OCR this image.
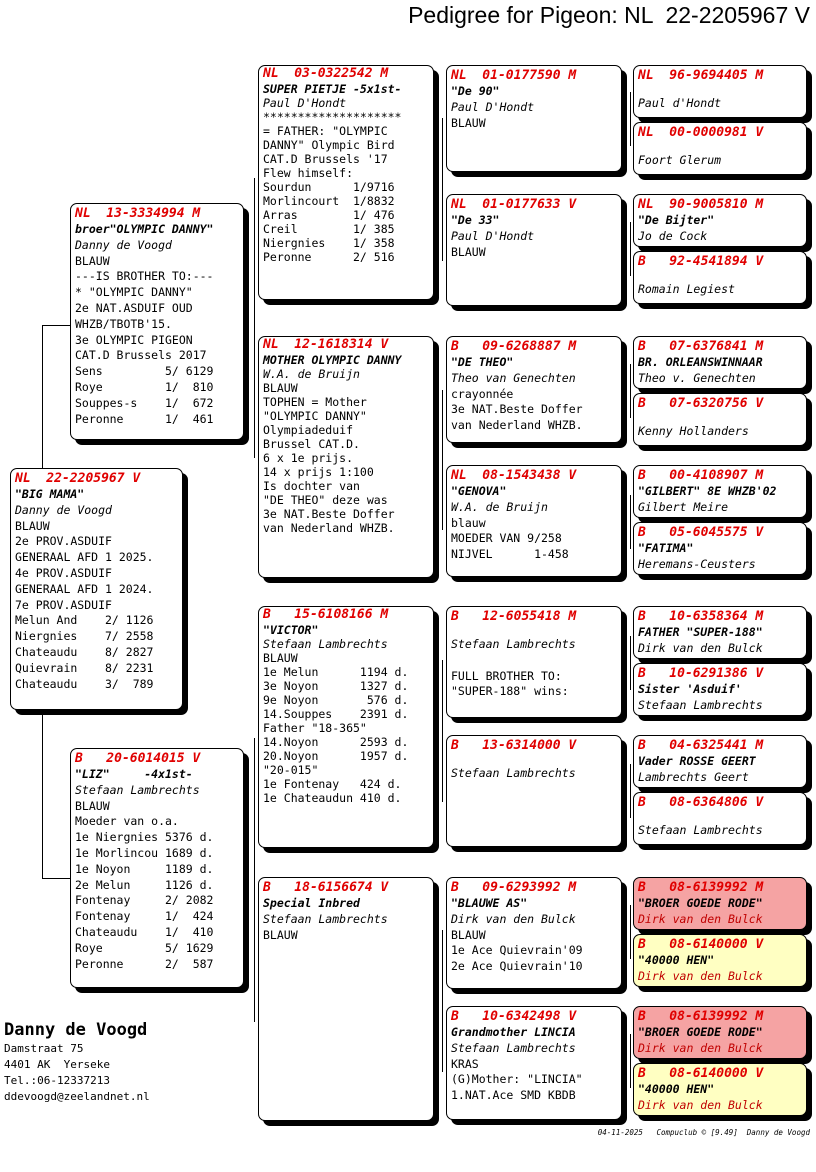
Pedigree for Pigeon: NL  22-2205967 V
NL  22-2205967 V
"BIG MAMA"
Danny de Voogd
BLAUW
2e PROV.ASDUIF
GENERAAL AFD 1 2025.
4e PROV.ASDUIF
GENERAAL AFD 1 2024.
7e PROV.ASDUIF
Melun And    2/ 1126
Niergnies    7/ 2558
Chateaudu    8/ 2827
Quievrain    8/ 2231
Chateaudu    3/  789
NL  13-3334994 M
broer"OLYMPIC DANNY"
Danny de Voogd
BLAUW
---IS BROTHER TO:---
* "OLYMPIC DANNY"
2e NAT.ASDUIF OUD
WHZB/TBOTB'15.
3e OLYMPIC PIGEON
CAT.D Brussels 2017
Sens         5/ 6129
Roye         1/  810
Souppes-s    1/  672
Peronne      1/  461
B   20-6014015 V
"LIZ"     -4x1st-
Stefaan Lambrechts
BLAUW
Moeder van o.a.
1e Niergnies 5376 d.
1e Morlincou 1689 d.
1e Noyon     1189 d.
2e Melun     1126 d.
Fontenay     2/ 2082
Fontenay     1/  424
Chateaudu    1/  410
Roye         5/ 1629
Peronne      2/  587
NL  03-0322542 M
SUPER PIETJE -5x1st-
Paul D'Hondt
********************
= FATHER: "OLYMPIC
DANNY" Olympic Bird
CAT.D Brussels '17
Flew himself:
Sourdun      1/9716
Morlincourt  1/8832
Arras        1/ 476
Creil        1/ 385
Niergnies    1/ 358
Peronne      2/ 516
NL  12-1618314 V
MOTHER OLYMPIC DANNY
W.A. de Bruijn
BLAUW
TOPHEN = Mother
"OLYMPIC DANNY"
Olympiadeduif
Brussel CAT.D.
6 x 1e prijs.
14 x prijs 1:100
Is dochter van
"DE THEO" deze was
3e NAT.Beste Doffer
van Nederland WHZB.
B   15-6108166 M
"VICTOR"
Stefaan Lambrechts
BLAUW
1e Melun      1194 d.
3e Noyon      1327 d.
9e Noyon       576 d.
14.Souppes    2391 d.
Father "18-365"
14.Noyon      2593 d.
20.Noyon      1957 d.
"20-015"
1e Fontenay   424 d.
1e Chateaudun 410 d.
B   18-6156674 V
Special Inbred
Stefaan Lambrechts
BLAUW
NL  01-0177590 M
"De 90"
Paul D'Hondt
BLAUW
NL  01-0177633 V
"De 33"
Paul D'Hondt
BLAUW
B   09-6268887 M
"DE THEO"
Theo van Genechten
crayonnée
3e NAT.Beste Doffer
van Nederland WHZB.
NL  08-1543438 V
"GENOVA"
W.A. de Bruijn
blauw
MOEDER VAN 9/258
NIJVEL      1-458
B   12-6055418 M
Stefaan Lambrechts

FULL BROTHER TO:
"SUPER-188" wins:
B   13-6314000 V
Stefaan Lambrechts
B   09-6293992 M
"BLAUWE AS"
Dirk van den Bulck
BLAUW
1e Ace Quievrain'09
2e Ace Quievrain'10
B   10-6342498 V
Grandmother LINCIA
Stefaan Lambrechts
KRAS
(G)Mother: "LINCIA"
1.NAT.Ace SMD KBDB
NL  96-9694405 M
Paul d'Hondt
NL  00-0000981 V
Foort Glerum
NL  90-9005810 M
"De Bijter"
Jo de Cock
B   92-4541894 V
Romain Legiest
B   07-6376841 M
BR. ORLEANSWINNAAR
Theo v. Genechten
B   07-6320756 V
Kenny Hollanders
B   00-4108907 M
"GILBERT" 8E WHZB'02
Gilbert Meire
B   05-6045575 V
"FATIMA"
Heremans-Ceusters
B   10-6358364 M
FATHER "SUPER-188"
Dirk van den Bulck
B   10-6291386 V
Sister 'Asduif'
Stefaan Lambrechts
B   04-6325441 M
Vader ROSSE GEERT
Lambrechts Geert
B   08-6364806 V
Stefaan Lambrechts
B   08-6139992 M
"BROER GOEDE RODE"
Dirk van den Bulck
B   08-6140000 V
"40000 HEN"
Dirk van den Bulck
B   08-6139992 M
"BROER GOEDE RODE"
Dirk van den Bulck
B   08-6140000 V
"40000 HEN"
Dirk van den Bulck
Danny de Voogd
Damstraat 75
4401 AK  Yerseke
Tel.:06-12337213
ddevoogd@zeelandnet.nl
04-11-2025   Compuclub © [9.49]  Danny de Voogd
